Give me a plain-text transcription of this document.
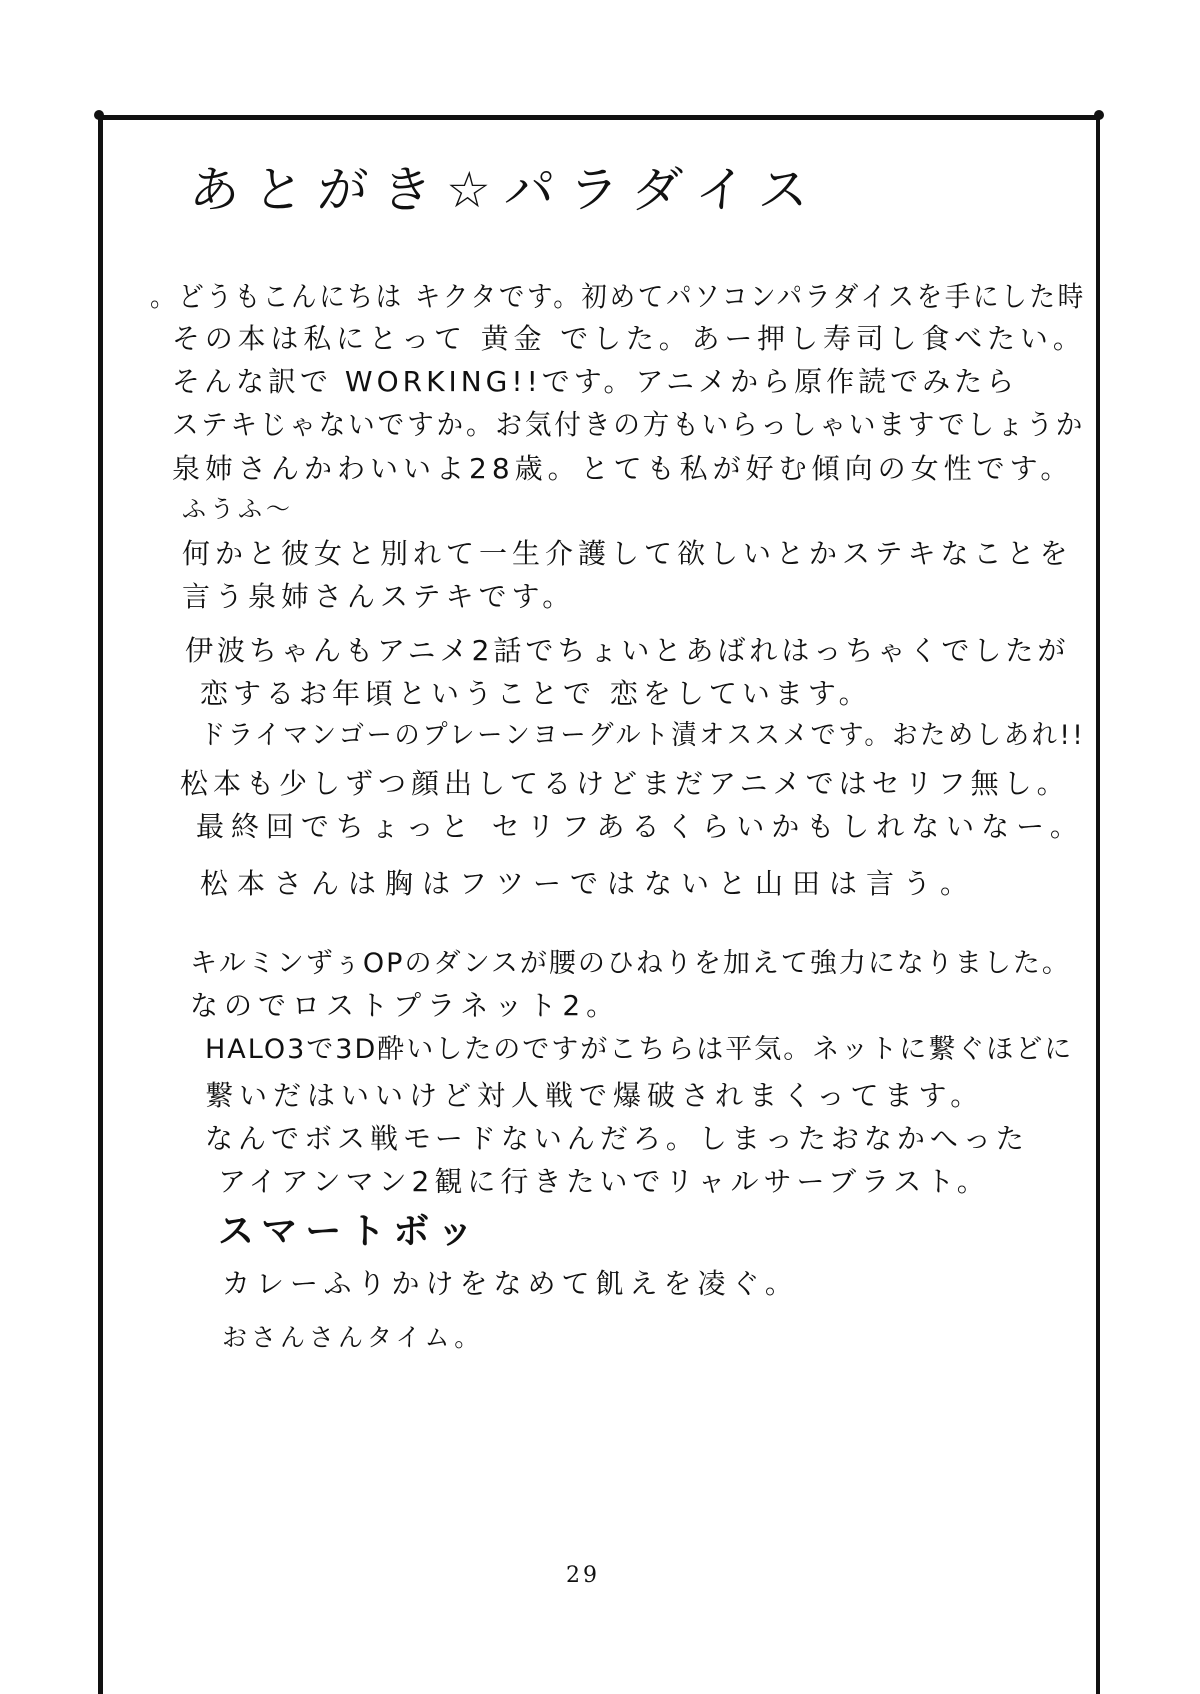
あとがき☆パラダイス
。どうもこんにちは キクタです。初めてパソコンパラダイスを手にした時
その本は私にとって 黄金 でした。あー押し寿司し食べたい。
そんな訳で WORKING!!です。アニメから原作読でみたら
ステキじゃないですか。お気付きの方もいらっしゃいますでしょうか
泉姉さんかわいいよ28歳。とても私が好む傾向の女性です。
ふうふ〜
何かと彼女と別れて一生介護して欲しいとかステキなことを
言う泉姉さんステキです。
伊波ちゃんもアニメ2話でちょいとあばれはっちゃくでしたが
恋するお年頃ということで 恋をしています。
ドライマンゴーのプレーンヨーグルト漬オススメです。おためしあれ!!
松本も少しずつ顔出してるけどまだアニメではセリフ無し。
最終回でちょっと セリフあるくらいかもしれないなー。
松本さんは胸はフツーではないと山田は言う。
キルミンずぅOPのダンスが腰のひねりを加えて強力になりました。
なのでロストプラネット2。
HALO3で3D酔いしたのですがこちらは平気。ネットに繋ぐほどに
繋いだはいいけど対人戦で爆破されまくってます。
なんでボス戦モードないんだろ。しまったおなかへった
アイアンマン2観に行きたいでリャルサーブラスト。
スマートボッ
カレーふりかけをなめて飢えを凌ぐ。
おさんさんタイム。
29
